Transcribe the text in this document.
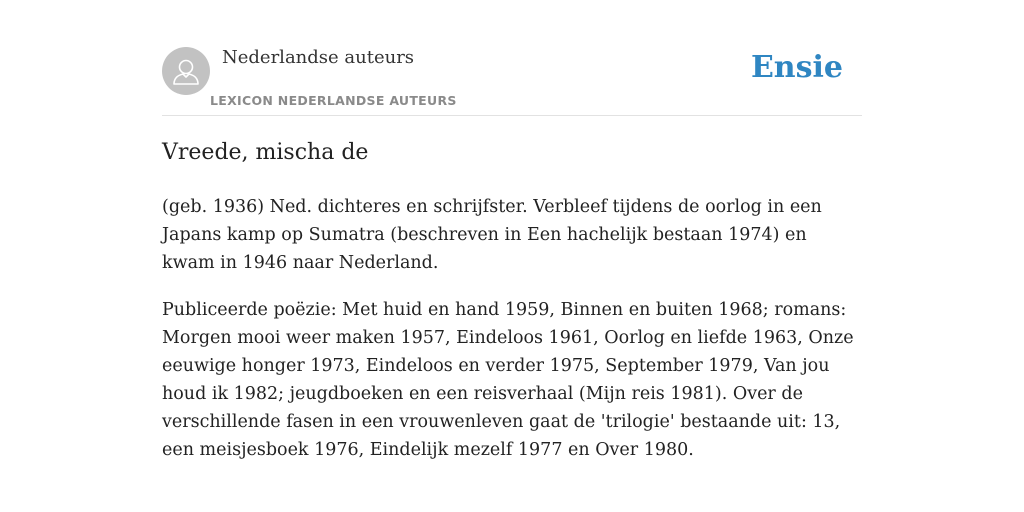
Nederlandse auteurs
LEXICON NEDERLANDSE AUTEURS
Ensie
Vreede, mischa de

(geb. 1936) Ned. dichteres en schrijfster. Verbleef tijdens de oorlog in een Japans kamp op Sumatra (beschreven in Een hachelijk bestaan 1974) en kwam in 1946 naar Nederland.

Publiceerde poëzie: Met huid en hand 1959, Binnen en buiten 1968; romans: Morgen mooi weer maken 1957, Eindeloos 1961, Oorlog en liefde 1963, Onze eeuwige honger 1973, Eindeloos en verder 1975, September 1979, Van jou houd ik 1982; jeugdboeken en een reisverhaal (Mijn reis 1981). Over de verschillende fasen in een vrouwenleven gaat de 'trilogie' bestaande uit: 13, een meisjesboek 1976, Eindelijk mezelf 1977 en Over 1980.
